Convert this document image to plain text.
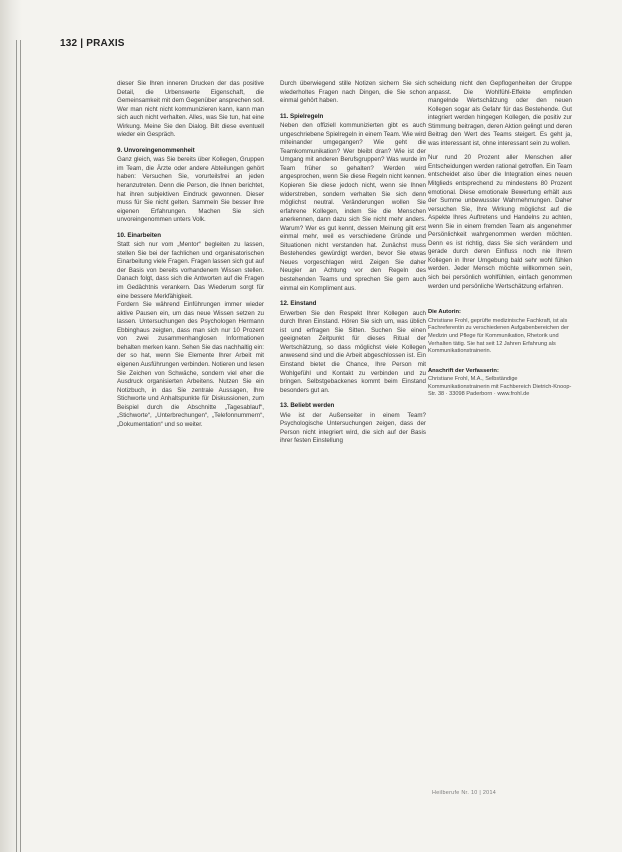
132 | PRAXIS

dieser Sie Ihren inneren Drucken der das positive Detail, die Urbenswerte Eigenschaft, die Gemeinsamkeit mit dem Gegenüber ansprechen soll. Wer man nicht nicht kommunizieren kann, kann man sich auch nicht verhalten. Alles, was Sie tun, hat eine Wirkung. Meine Sie den Dialog. Bilt diese eventuell wieder ein Gespräch.

9. Unvoreingenommenheit

Ganz gleich, was Sie bereits über Kollegen, Gruppen im Team, die Ärzte oder andere Abteilungen gehört haben: Versuchen Sie, vorurteilsfrei an jeden heranzutreten. Denn die Person, die Ihnen berichtet, hat ihren subjektiven Eindruck gewonnen. Dieser muss für Sie nicht gelten. Sammeln Sie besser Ihre eigenen Erfahrungen. Machen Sie sich unvoreingenommen unters Volk.

10. Einarbeiten

Statt sich nur vom „Mentor“ begleiten zu lassen, stellen Sie bei der fachlichen und organisatorischen Einarbeitung viele Fragen. Fragen lassen sich gut auf der Basis von bereits vorhandenem Wissen stellen. Danach folgt, dass sich die Antworten auf die Fragen im Gedächtnis verankern. Das Wiederum sorgt für eine bessere Merkfähigkeit.

Fordern Sie während Einführungen immer wieder aktive Pausen ein, um das neue Wissen setzen zu lassen. Untersuchungen des Psychologen Hermann Ebbinghaus zeigten, dass man sich nur 10 Prozent von zwei zusammenhanglosen Informationen behalten merken kann. Sehen Sie das nachhaltig ein: der so hat, wenn Sie Elemente Ihrer Arbeit mit eigenen Ausführungen verbinden. Notieren und lesen Sie Zeichen von Schwäche, sondern viel eher die Ausdruck organisierten Arbeitens. Nutzen Sie ein Notizbuch, in das Sie zentrale Aussagen, Ihre Stichworte und Anhaltspunkte für Diskussionen, zum Beispiel durch die Abschnitte „Tagesablauf“, „Stichworte“, „Unterbrechungen“, „Telefonnummern“, „Dokumentation“ und so weiter.

Durch überwiegend stille Notizen sichern Sie sich wiederholtes Fragen nach Dingen, die Sie schon einmal gehört haben.

11. Spielregeln

Neben den offiziell kommunizierten gibt es auch ungeschriebene Spielregeln in einem Team. Wie wird miteinander umgegangen? Wie geht die Teamkommunikation? Wer bleibt dran? Wie ist der Umgang mit anderen Berufsgruppen? Was wurde im Team früher so gehalten? Werden wird angesprochen, wenn Sie diese Regeln nicht kennen. Kopieren Sie diese jedoch nicht, wenn sie Ihnen widerstreben, sondern verhalten Sie sich denn möglichst neutral. Veränderungen wollen Sie erfahrene Kollegen, indem Sie die Menschen anerkennen, dann dazu sich Sie nicht mehr anders. Warum? Wer es gut kennt, dessen Meinung gilt erst einmal mehr, weil es verschiedene Gründe und Situationen nicht verstanden hat. Zunächst muss Bestehendes gewürdigt werden, bevor Sie etwas Neues vorgeschlagen wird. Zeigen Sie daher Neugier an Achtung vor den Regeln des bestehenden Teams und sprechen Sie gern auch einmal ein Kompliment aus.

12. Einstand

Erwerben Sie den Respekt Ihrer Kollegen auch durch Ihren Einstand. Hören Sie sich um, was üblich ist und erfragen Sie Sitten. Suchen Sie einen geeigneten Zeitpunkt für dieses Ritual der Wertschätzung, so dass möglichst viele Kollegen anwesend sind und die Arbeit abgeschlossen ist. Ein Einstand bietet die Chance, Ihre Person mit Wohlgefühl und Kontakt zu verbinden und zu bringen. Selbstgebackenes kommt beim Einstand besonders gut an.

13. Beliebt werden

Wie ist der Außenseiter in einem Team? Psychologische Untersuchungen zeigen, dass der Person nicht integriert wird, die sich auf der Basis ihrer festen Einstellung

scheidung nicht den Gepflogenheiten der Gruppe anpasst. Die Wohlfühl-Effekte empfinden mangelnde Wertschätzung oder den neuen Kollegen sogar als Gefahr für das Bestehende. Gut integriert werden hingegen Kollegen, die positiv zur Stimmung beitragen, deren Aktion gelingt und deren Beitrag den Wert des Teams steigert. Es geht ja, was interessant ist, ohne interessant sein zu wollen.

Nur rund 20 Prozent aller Menschen aller Entscheidungen werden rational getroffen. Ein Team entscheidet also über die Integration eines neuen Mitglieds entsprechend zu mindestens 80 Prozent emotional. Diese emotionale Bewertung erhält aus der Summe unbewusster Wahrnehmungen. Daher versuchen Sie, Ihre Wirkung möglichst auf die Aspekte Ihres Auftretens und Handelns zu achten, wenn Sie in einem fremden Team als angenehmer Persönlichkeit wahrgenommen werden möchten. Denn es ist richtig, dass Sie sich verändern und gerade durch deren Einfluss noch nie Ihrem Kollegen in Ihrer Umgebung bald sehr wohl fühlen werden. Jeder Mensch möchte willkommen sein, sich bei persönlich wohlfühlen, einfach genommen werden und persönliche Wertschätzung erfahren.

Die Autorin:

Christiane Frohl, geprüfte medizinische Fachkraft, ist als Fachreferentin zu verschiedenen Aufgabenbereichen der Medizin und Pflege für Kommunikation, Rhetorik und Verhalten tätig. Sie hat seit 12 Jahren Erfahrung als Kommunikationstrainerin.

Anschrift der Verfasserin:

Christiane Frohl, M.A., Selbständige Kommunikationstrainerin mit Fachbereich Dietrich-Knoop-Str. 38 · 33098 Paderborn · www.frohl.de

Heilberufe Nr. 10 | 2014
